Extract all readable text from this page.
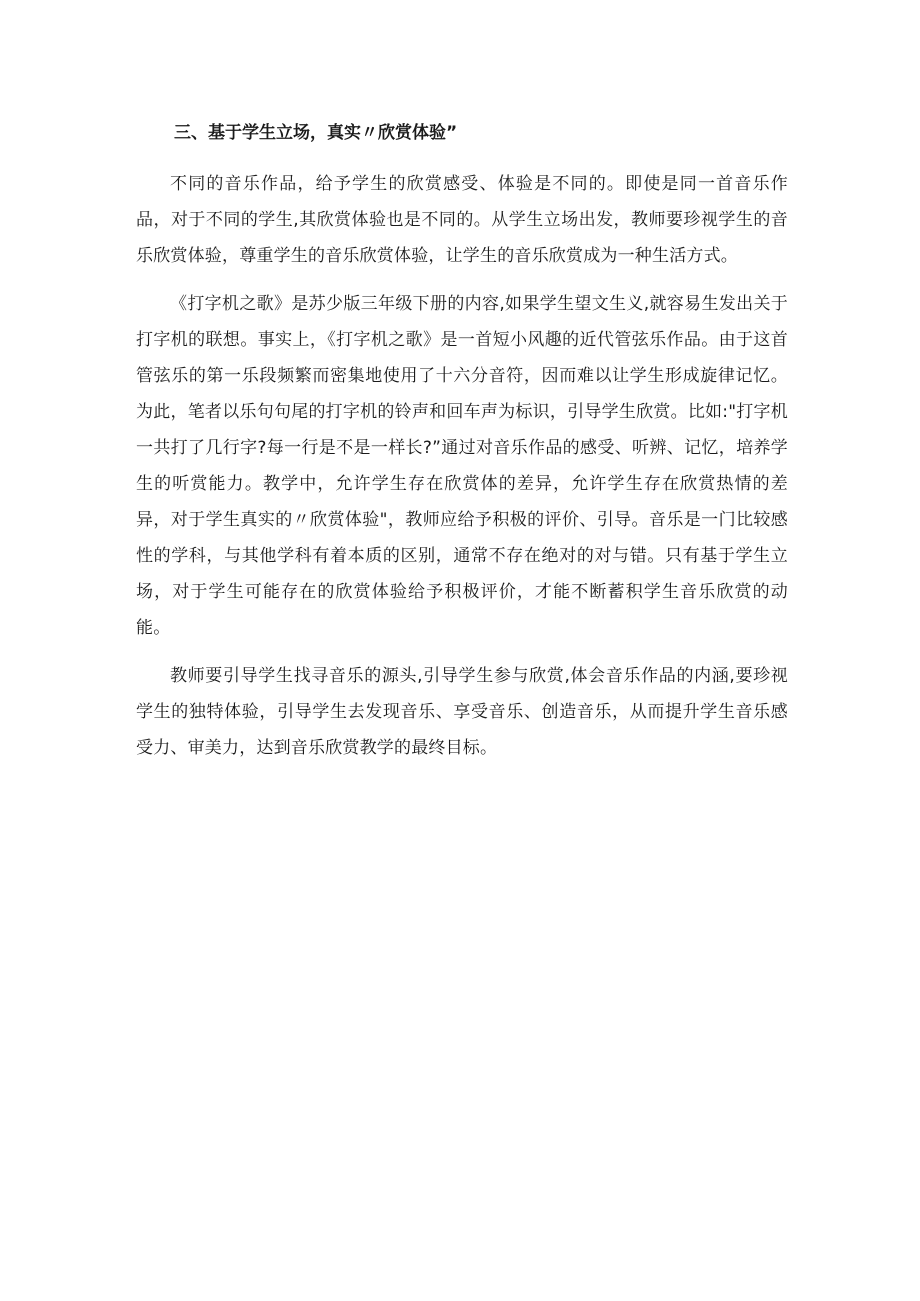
三、基于学生立场，真实〃欣赏体验”

不同的音乐作品，给予学生的欣赏感受、体验是不同的。即使是同一首音乐作品，对于不同的学生,其欣赏体验也是不同的。从学生立场出发，教师要珍视学生的音乐欣赏体验，尊重学生的音乐欣赏体验，让学生的音乐欣赏成为一种生活方式。

《打字机之歌》是苏少版三年级下册的内容,如果学生望文生义,就容易生发出关于打字机的联想。事实上，《打字机之歌》是一首短小风趣的近代管弦乐作品。由于这首管弦乐的第一乐段频繁而密集地使用了十六分音符，因而难以让学生形成旋律记忆。为此，笔者以乐句句尾的打字机的铃声和回车声为标识，引导学生欣赏。比如:"打字机一共打了几行字?每一行是不是一样长?”通过对音乐作品的感受、听辨、记忆，培养学生的听赏能力。教学中，允许学生存在欣赏体的差异，允许学生存在欣赏热情的差异，对于学生真实的〃欣赏体验"，教师应给予积极的评价、引导。音乐是一门比较感性的学科，与其他学科有着本质的区别，通常不存在绝对的对与错。只有基于学生立场，对于学生可能存在的欣赏体验给予积极评价，才能不断蓄积学生音乐欣赏的动能。

教师要引导学生找寻音乐的源头,引导学生参与欣赏,体会音乐作品的内涵,要珍视学生的独特体验，引导学生去发现音乐、享受音乐、创造音乐，从而提升学生音乐感受力、审美力，达到音乐欣赏教学的最终目标。
